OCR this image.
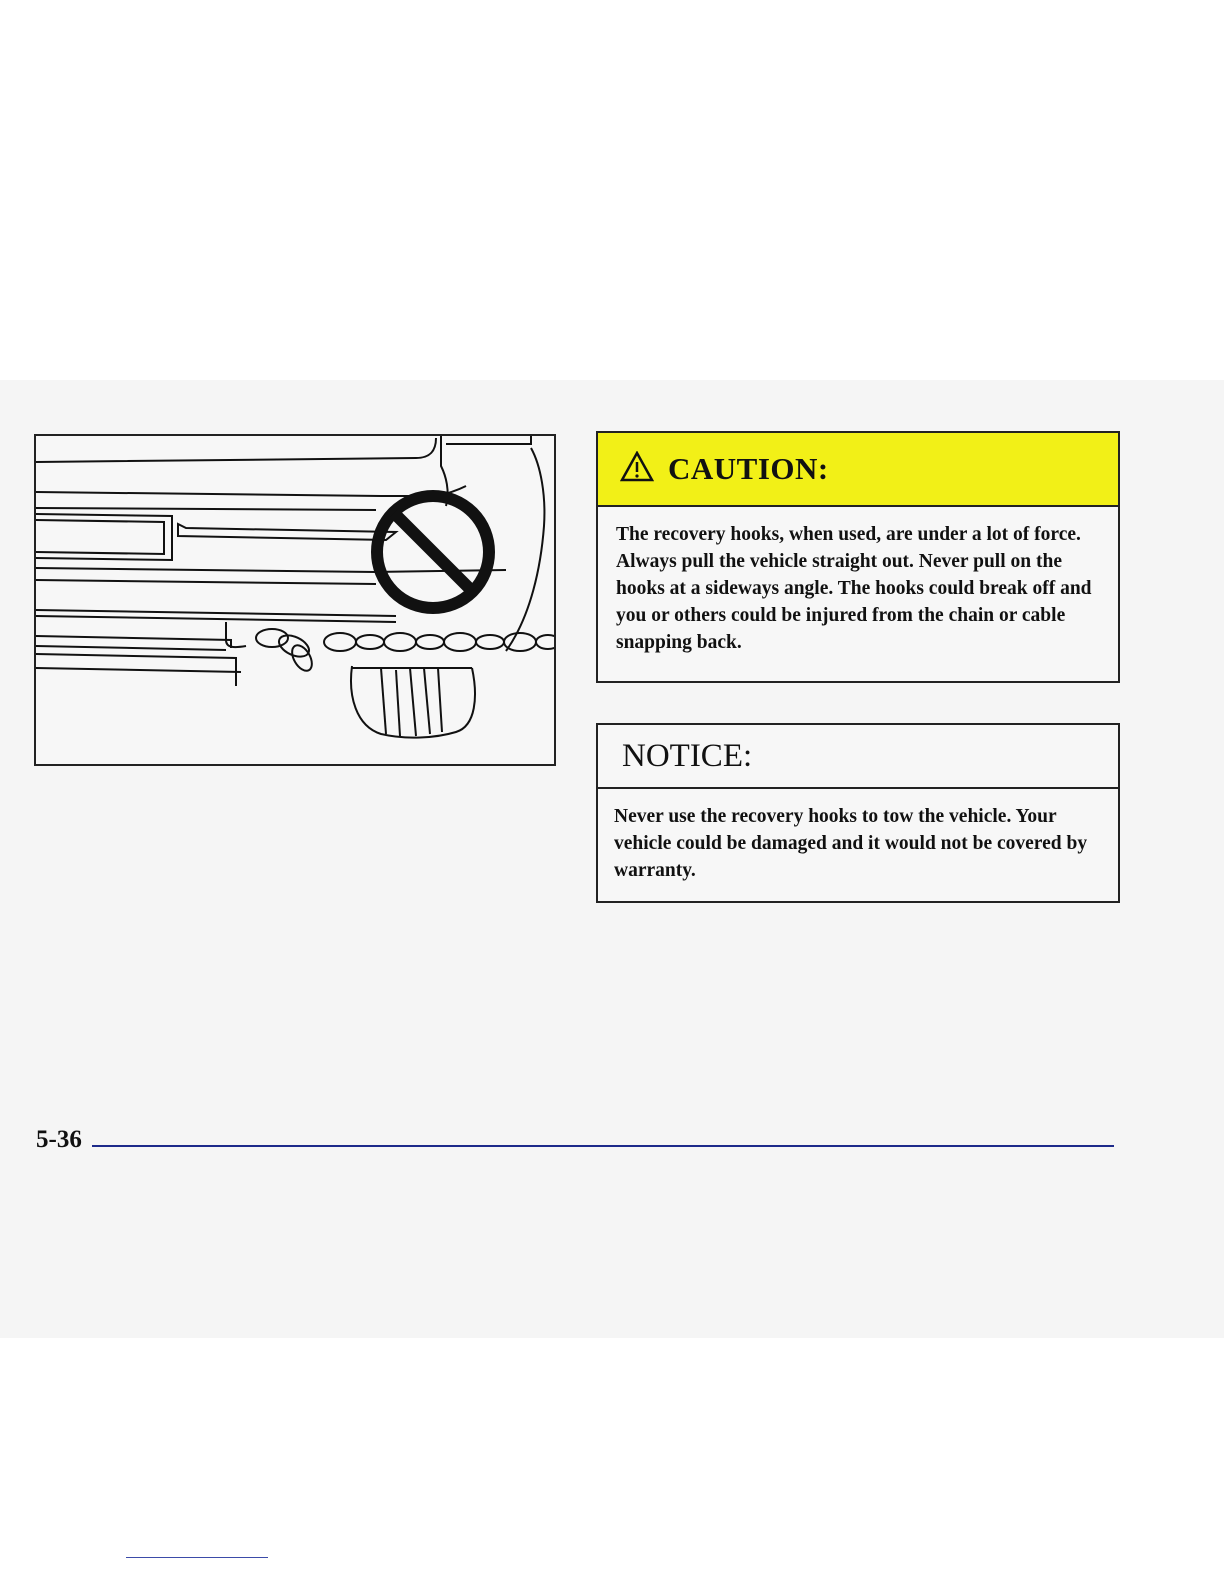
CAUTION:
The recovery hooks, when used, are under a lot of force. Always pull the vehicle straight out. Never pull on the hooks at a sideways angle. The hooks could break off and you or others could be injured from the chain or cable snapping back.
NOTICE:
Never use the recovery hooks to tow the vehicle. Your vehicle could be damaged and it would not be covered by warranty.
5-36
